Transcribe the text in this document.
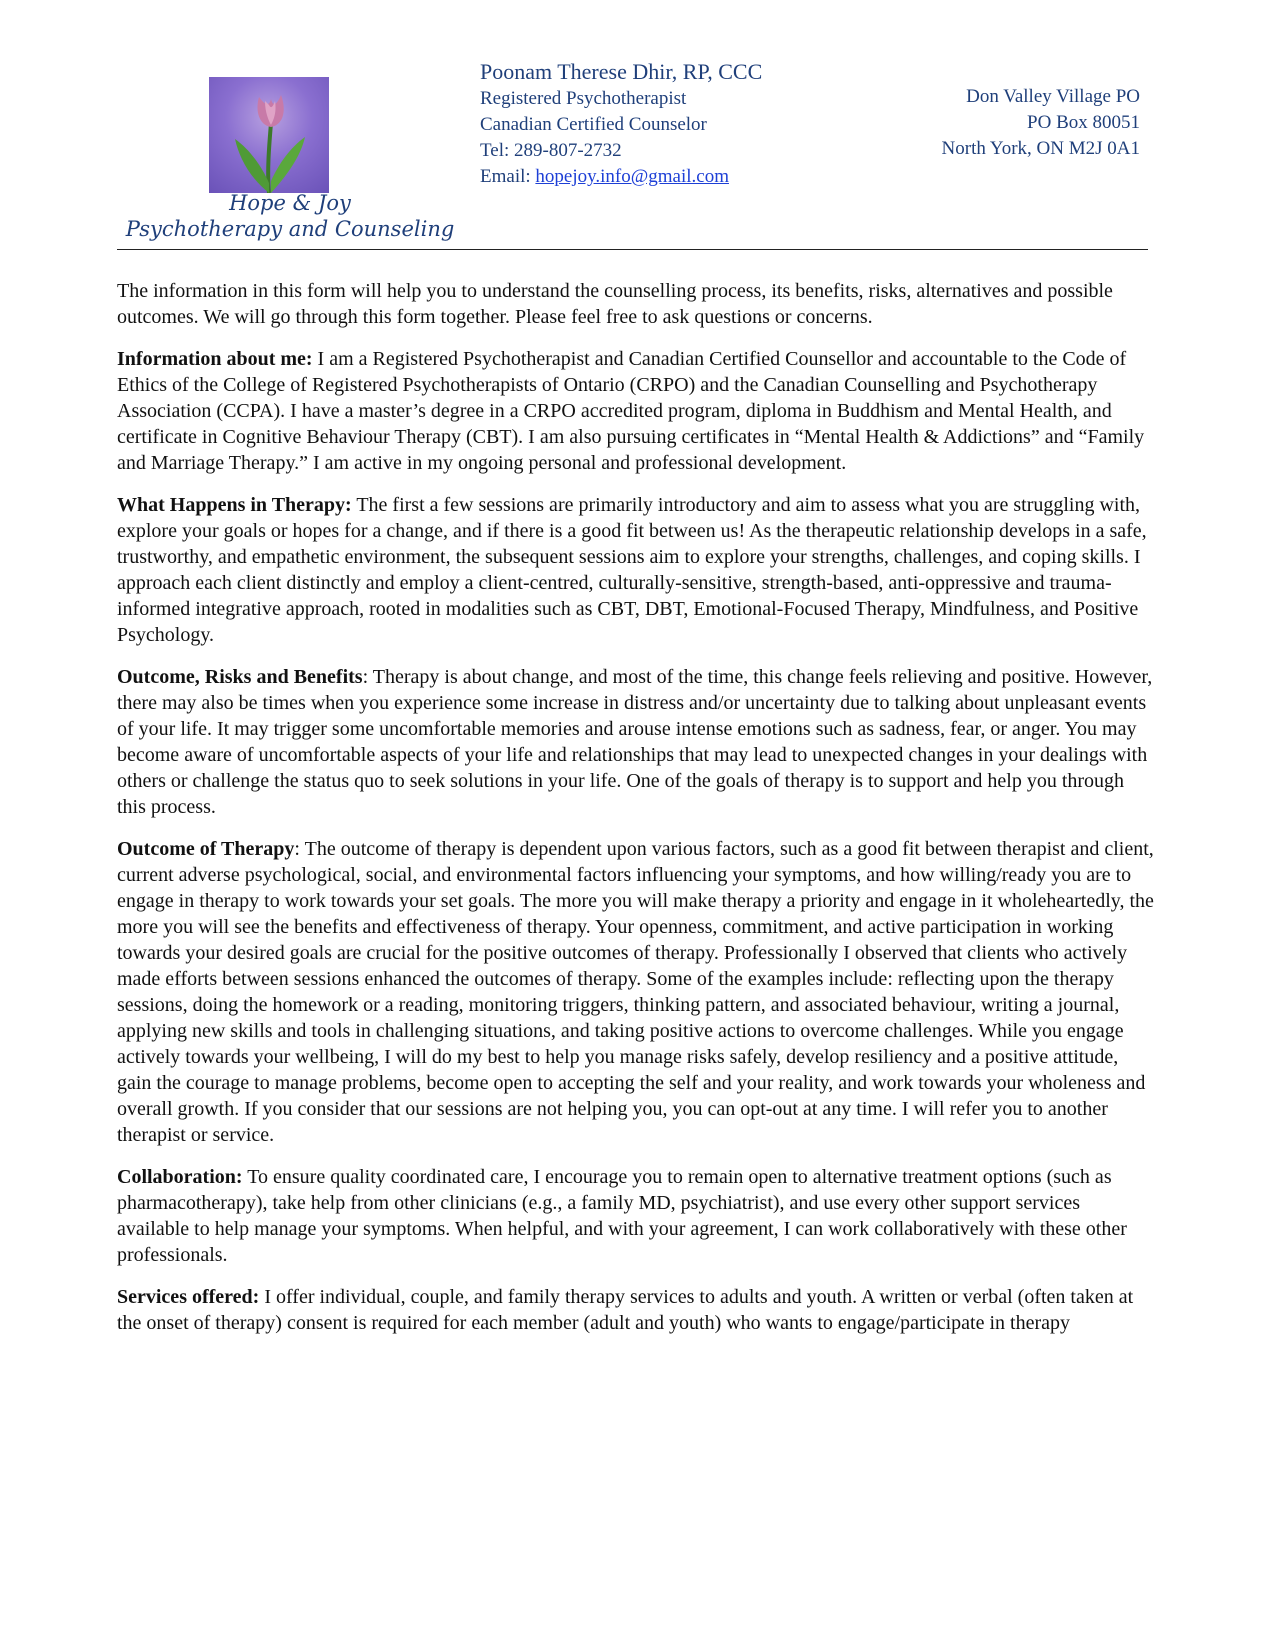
Hope & Joy
Psychotherapy and Counseling
Poonam Therese Dhir, RP, CCC
Registered Psychotherapist
Canadian Certified Counselor
Tel: 289-807-2732
Email: hopejoy.info@gmail.com
Don Valley Village PO
PO Box 80051
North York, ON M2J 0A1

The information in this form will help you to understand the counselling process, its benefits, risks, alternatives and possible outcomes. We will go through this form together. Please feel free to ask questions or concerns.

Information about me: I am a Registered Psychotherapist and Canadian Certified Counsellor and accountable to the Code of Ethics of the College of Registered Psychotherapists of Ontario (CRPO) and the Canadian Counselling and Psychotherapy Association (CCPA). I have a master’s degree in a CRPO accredited program, diploma in Buddhism and Mental Health, and certificate in Cognitive Behaviour Therapy (CBT). I am also pursuing certificates in “Mental Health & Addictions” and “Family and Marriage Therapy.” I am active in my ongoing personal and professional development.

What Happens in Therapy: The first a few sessions are primarily introductory and aim to assess what you are struggling with, explore your goals or hopes for a change, and if there is a good fit between us! As the therapeutic relationship develops in a safe, trustworthy, and empathetic environment, the subsequent sessions aim to explore your strengths, challenges, and coping skills. I approach each client distinctly and employ a client-centred, culturally-sensitive, strength-based, anti-oppressive and trauma-informed integrative approach, rooted in modalities such as CBT, DBT, Emotional-Focused Therapy, Mindfulness, and Positive Psychology.

Outcome, Risks and Benefits: Therapy is about change, and most of the time, this change feels relieving and positive. However, there may also be times when you experience some increase in distress and/or uncertainty due to talking about unpleasant events of your life. It may trigger some uncomfortable memories and arouse intense emotions such as sadness, fear, or anger. You may become aware of uncomfortable aspects of your life and relationships that may lead to unexpected changes in your dealings with others or challenge the status quo to seek solutions in your life. One of the goals of therapy is to support and help you through this process.

Outcome of Therapy: The outcome of therapy is dependent upon various factors, such as a good fit between therapist and client, current adverse psychological, social, and environmental factors influencing your symptoms, and how willing/ready you are to engage in therapy to work towards your set goals. The more you will make therapy a priority and engage in it wholeheartedly, the more you will see the benefits and effectiveness of therapy. Your openness, commitment, and active participation in working towards your desired goals are crucial for the positive outcomes of therapy. Professionally I observed that clients who actively made efforts between sessions enhanced the outcomes of therapy. Some of the examples include: reflecting upon the therapy sessions, doing the homework or a reading, monitoring triggers, thinking pattern, and associated behaviour, writing a journal, applying new skills and tools in challenging situations, and taking positive actions to overcome challenges. While you engage actively towards your wellbeing, I will do my best to help you manage risks safely, develop resiliency and a positive attitude, gain the courage to manage problems, become open to accepting the self and your reality, and work towards your wholeness and overall growth. If you consider that our sessions are not helping you, you can opt-out at any time. I will refer you to another therapist or service.

Collaboration: To ensure quality coordinated care, I encourage you to remain open to alternative treatment options (such as pharmacotherapy), take help from other clinicians (e.g., a family MD, psychiatrist), and use every other support services available to help manage your symptoms. When helpful, and with your agreement, I can work collaboratively with these other professionals.

Services offered: I offer individual, couple, and family therapy services to adults and youth. A written or verbal (often taken at the onset of therapy) consent is required for each member (adult and youth) who wants to engage/participate in therapy
